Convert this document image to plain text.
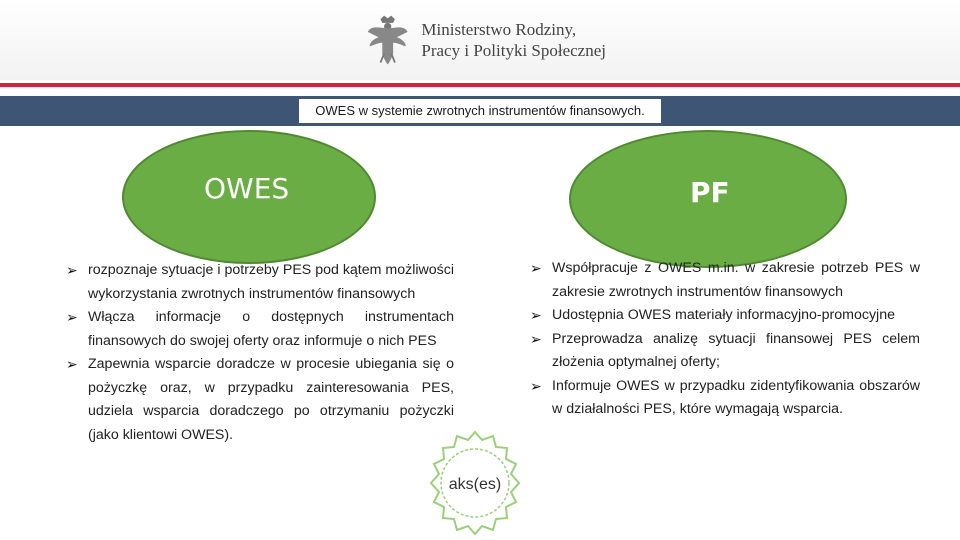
Ministerstwo Rodziny,
Pracy i Polityki Społecznej
OWES w systemie zwrotnych instrumentów finansowych.
OWES	PF
➢ rozpoznaje sytuacje i potrzeby PES pod kątem możliwości wykorzystania zwrotnych instrumentów finansowych
➢ Włącza informacje o dostępnych instrumentach finansowych do swojej oferty oraz informuje o nich PES
➢ Zapewnia wsparcie doradcze w procesie ubiegania się o pożyczkę oraz, w przypadku zainteresowania PES, udziela wsparcia doradczego po otrzymaniu pożyczki (jako klientowi OWES).
➢ Współpracuje z OWES m.in. w zakresie potrzeb PES w zakresie zwrotnych instrumentów finansowych
➢ Udostępnia OWES materiały informacyjno-promocyjne
➢ Przeprowadza analizę sytuacji finansowej PES celem złożenia optymalnej oferty;
➢ Informuje OWES w przypadku zidentyfikowania obszarów w działalności PES, które wymagają wsparcia.
aks(es)
